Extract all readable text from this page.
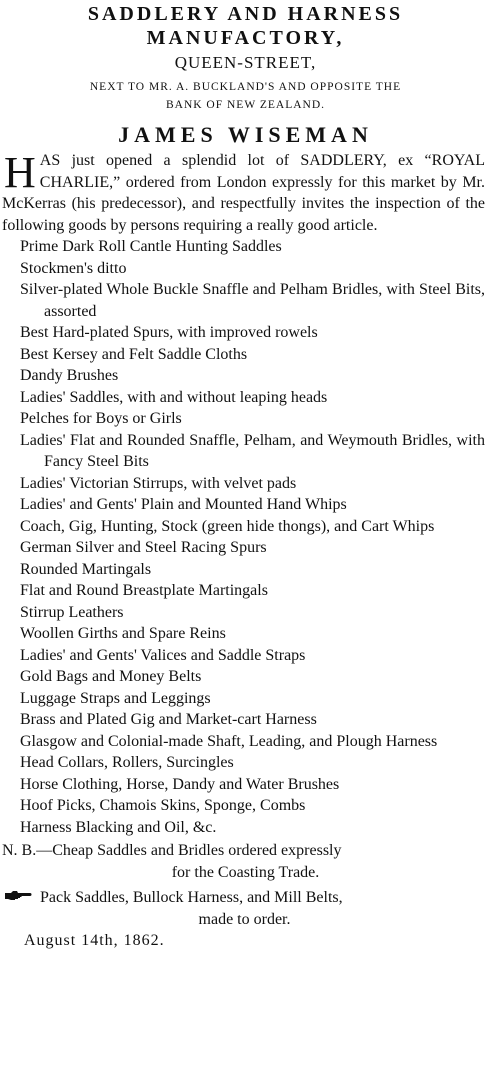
SADDLERY AND HARNESS
MANUFACTORY,
QUEEN-STREET,
NEXT TO MR. A. BUCKLAND'S AND OPPOSITE THE
BANK OF NEW ZEALAND.
JAMES WISEMAN
H AS just opened a splendid lot of SADDLERY, ex “ROYAL CHARLIE,” ordered from London expressly for this market by Mr. McKerras (his predecessor), and respectfully invites the inspection of the following goods by persons requiring a really good article.
Prime Dark Roll Cantle Hunting Saddles
Stockmen's ditto
Silver-plated Whole Buckle Snaffle and Pelham Bridles, with Steel Bits, assorted
Best Hard-plated Spurs, with improved rowels
Best Kersey and Felt Saddle Cloths
Dandy Brushes
Ladies' Saddles, with and without leaping heads
Pelches for Boys or Girls
Ladies' Flat and Rounded Snaffle, Pelham, and Weymouth Bridles, with Fancy Steel Bits
Ladies' Victorian Stirrups, with velvet pads
Ladies' and Gents' Plain and Mounted Hand Whips
Coach, Gig, Hunting, Stock (green hide thongs), and Cart Whips
German Silver and Steel Racing Spurs
Rounded Martingals
Flat and Round Breastplate Martingals
Stirrup Leathers
Woollen Girths and Spare Reins
Ladies' and Gents' Valices and Saddle Straps
Gold Bags and Money Belts
Luggage Straps and Leggings
Brass and Plated Gig and Market-cart Harness
Glasgow and Colonial-made Shaft, Leading, and Plough Harness
Head Collars, Rollers, Surcingles
Horse Clothing, Horse, Dandy and Water Brushes
Hoof Picks, Chamois Skins, Sponge, Combs
Harness Blacking and Oil, &c.
N. B.—Cheap Saddles and Bridles ordered expressly
for the Coasting Trade.
Pack Saddles, Bullock Harness, and Mill Belts,
made to order.
August 14th, 1862.
